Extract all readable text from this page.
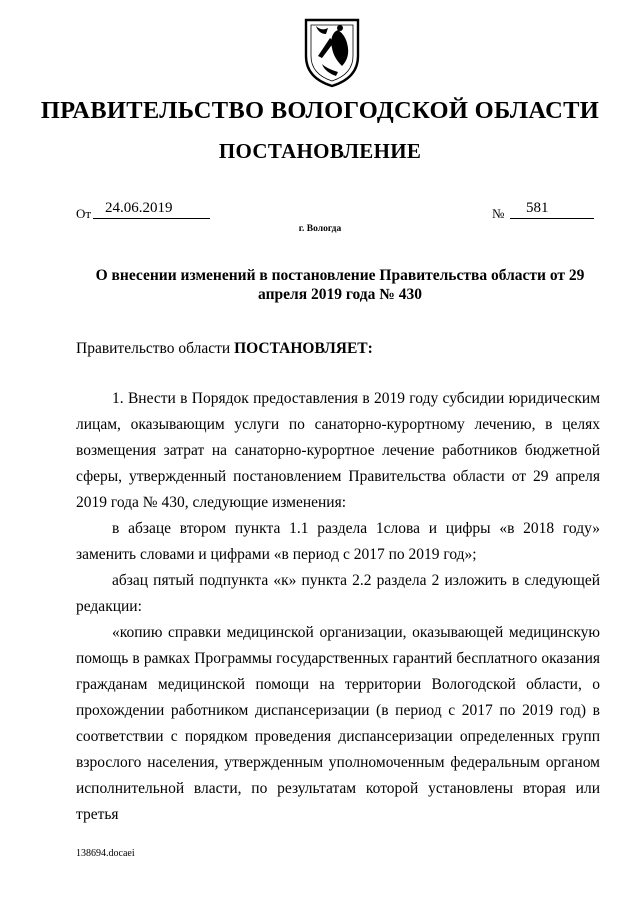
ПРАВИТЕЛЬСТВО ВОЛОГОДСКОЙ ОБЛАСТИ
ПОСТАНОВЛЕНИЕ
От 24.06.2019	№	581
г. Вологда
О внесении изменений в постановление Правительства области от 29 апреля 2019 года № 430
Правительство области ПОСТАНОВЛЯЕТ:

1. Внести в Порядок предоставления в 2019 году субсидии юридическим лицам, оказывающим услуги по санаторно-курортному лечению, в целях возмещения затрат на санаторно-курортное лечение работников бюджетной сферы, утвержденный постановлением Правительства области от 29 апреля 2019 года № 430, следующие изменения:

в абзаце втором пункта 1.1 раздела 1слова и цифры «в 2018 году» заменить словами и цифрами «в период с 2017 по 2019 год»;

абзац пятый подпункта «к» пункта 2.2 раздела 2 изложить в следующей редакции:

«копию справки медицинской организации, оказывающей медицинскую помощь в рамках Программы государственных гарантий бесплатного оказания гражданам медицинской помощи на территории Вологодской области, о прохождении работником диспансеризации (в период с 2017 по 2019 год) в соответствии с порядком проведения диспансеризации определенных групп взрослого населения, утвержденным уполномоченным федеральным органом исполнительной власти, по результатам которой установлены вторая или третья

138694.docaei
